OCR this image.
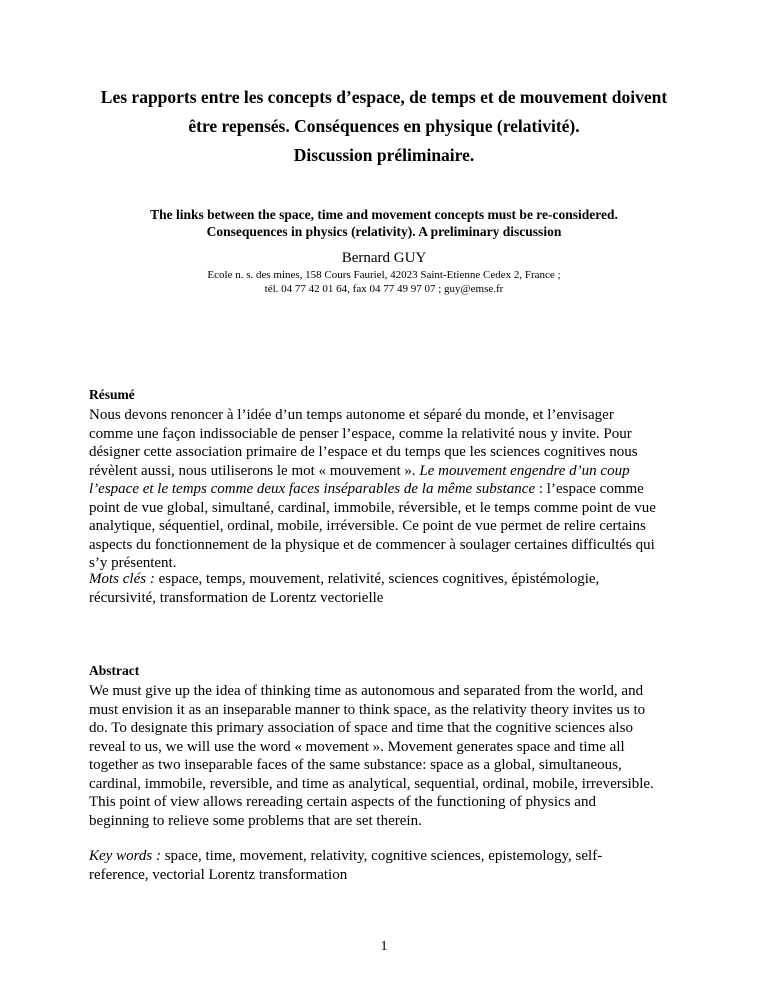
Les rapports entre les concepts d’espace, de temps et de mouvement doivent
être repensés. Conséquences en physique (relativité).
Discussion préliminaire.
The links between the space, time and movement concepts must be re-considered.
Consequences in physics (relativity). A preliminary discussion
Bernard GUY
Ecole n. s. des mines, 158 Cours Fauriel, 42023 Saint-Etienne Cedex 2, France ;
tél. 04 77 42 01 64, fax 04 77 49 97 07 ; guy@emse.fr
Résumé
Nous devons renoncer à l’idée d’un temps autonome et séparé du monde, et l’envisager
comme une façon indissociable de penser l’espace, comme la relativité nous y invite. Pour
désigner cette association primaire de l’espace et du temps que les sciences cognitives nous
révèlent aussi, nous utiliserons le mot « mouvement ». Le mouvement engendre d’un coup
l’espace et le temps comme deux faces inséparables de la même substance : l’espace comme
point de vue global, simultané, cardinal, immobile, réversible, et le temps comme point de vue
analytique, séquentiel, ordinal, mobile, irréversible. Ce point de vue permet de relire certains
aspects du fonctionnement de la physique et de commencer à soulager certaines difficultés qui
s’y présentent.
Mots clés : espace, temps, mouvement, relativité, sciences cognitives, épistémologie,
récursivité, transformation de Lorentz vectorielle
Abstract
We must give up the idea of thinking time as autonomous and separated from the world, and
must envision it as an inseparable manner to think space, as the relativity theory invites us to
do. To designate this primary association of space and time that the cognitive sciences also
reveal to us, we will use the word « movement ». Movement generates space and time all
together as two inseparable faces of the same substance: space as a global, simultaneous,
cardinal, immobile, reversible, and time as analytical, sequential, ordinal, mobile, irreversible.
This point of view allows rereading certain aspects of the functioning of physics and
beginning to relieve some problems that are set therein.
Key words : space, time, movement, relativity, cognitive sciences, epistemology, self-
reference, vectorial Lorentz transformation
1
